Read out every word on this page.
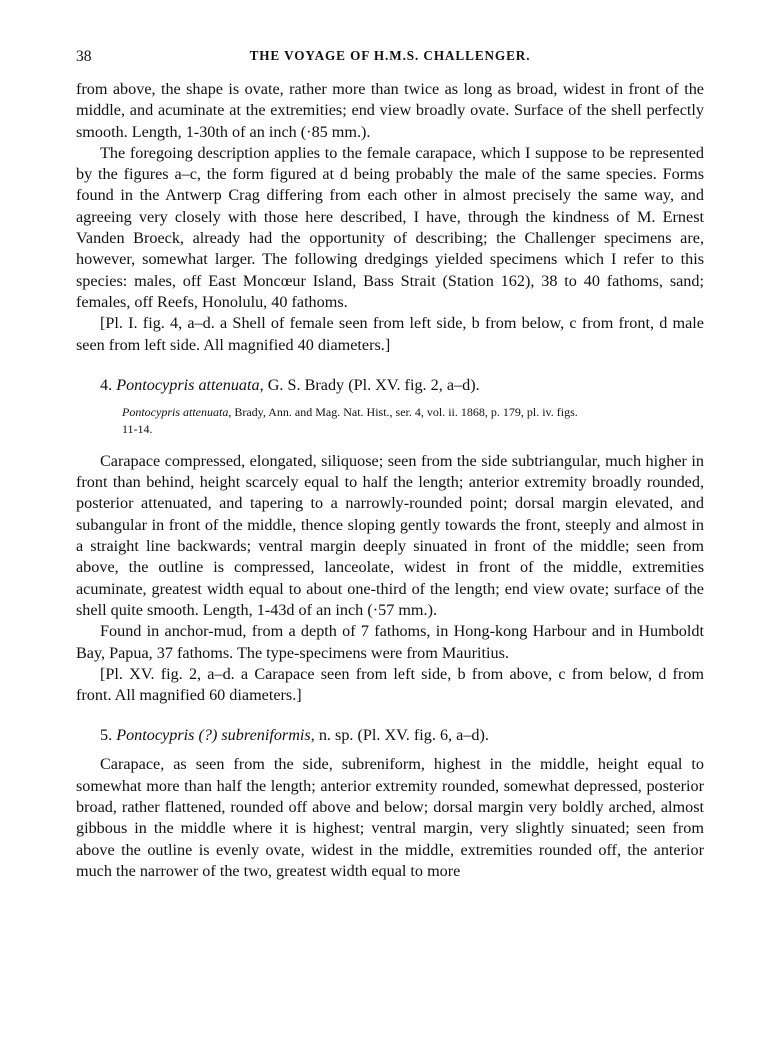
38	THE VOYAGE OF H.M.S. CHALLENGER.

from above, the shape is ovate, rather more than twice as long as broad, widest in front of the middle, and acuminate at the extremities; end view broadly ovate. Surface of the shell perfectly smooth. Length, 1-30th of an inch (·85 mm.).

The foregoing description applies to the female carapace, which I suppose to be represented by the figures a–c, the form figured at d being probably the male of the same species. Forms found in the Antwerp Crag differing from each other in almost precisely the same way, and agreeing very closely with those here described, I have, through the kindness of M. Ernest Vanden Broeck, already had the opportunity of describing; the Challenger specimens are, however, somewhat larger. The following dredgings yielded specimens which I refer to this species: males, off East Moncœur Island, Bass Strait (Station 162), 38 to 40 fathoms, sand; females, off Reefs, Honolulu, 40 fathoms.

[Pl. I. fig. 4, a–d. a Shell of female seen from left side, b from below, c from front, d male seen from left side. All magnified 40 diameters.]

4. Pontocypris attenuata, G. S. Brady (Pl. XV. fig. 2, a–d).
Pontocypris attenuata, Brady, Ann. and Mag. Nat. Hist., ser. 4, vol. ii. 1868, p. 179, pl. iv. figs.
11-14.

Carapace compressed, elongated, siliquose; seen from the side subtriangular, much higher in front than behind, height scarcely equal to half the length; anterior extremity broadly rounded, posterior attenuated, and tapering to a narrowly-rounded point; dorsal margin elevated, and subangular in front of the middle, thence sloping gently towards the front, steeply and almost in a straight line backwards; ventral margin deeply sinuated in front of the middle; seen from above, the outline is compressed, lanceolate, widest in front of the middle, extremities acuminate, greatest width equal to about one-third of the length; end view ovate; surface of the shell quite smooth. Length, 1-43d of an inch (·57 mm.).

Found in anchor-mud, from a depth of 7 fathoms, in Hong-kong Harbour and in Humboldt Bay, Papua, 37 fathoms. The type-specimens were from Mauritius.

[Pl. XV. fig. 2, a–d. a Carapace seen from left side, b from above, c from below, d from front. All magnified 60 diameters.]

5. Pontocypris (?) subreniformis, n. sp. (Pl. XV. fig. 6, a–d).

Carapace, as seen from the side, subreniform, highest in the middle, height equal to somewhat more than half the length; anterior extremity rounded, somewhat depressed, posterior broad, rather flattened, rounded off above and below; dorsal margin very boldly arched, almost gibbous in the middle where it is highest; ventral margin, very slightly sinuated; seen from above the outline is evenly ovate, widest in the middle, extremities rounded off, the anterior much the narrower of the two, greatest width equal to more
